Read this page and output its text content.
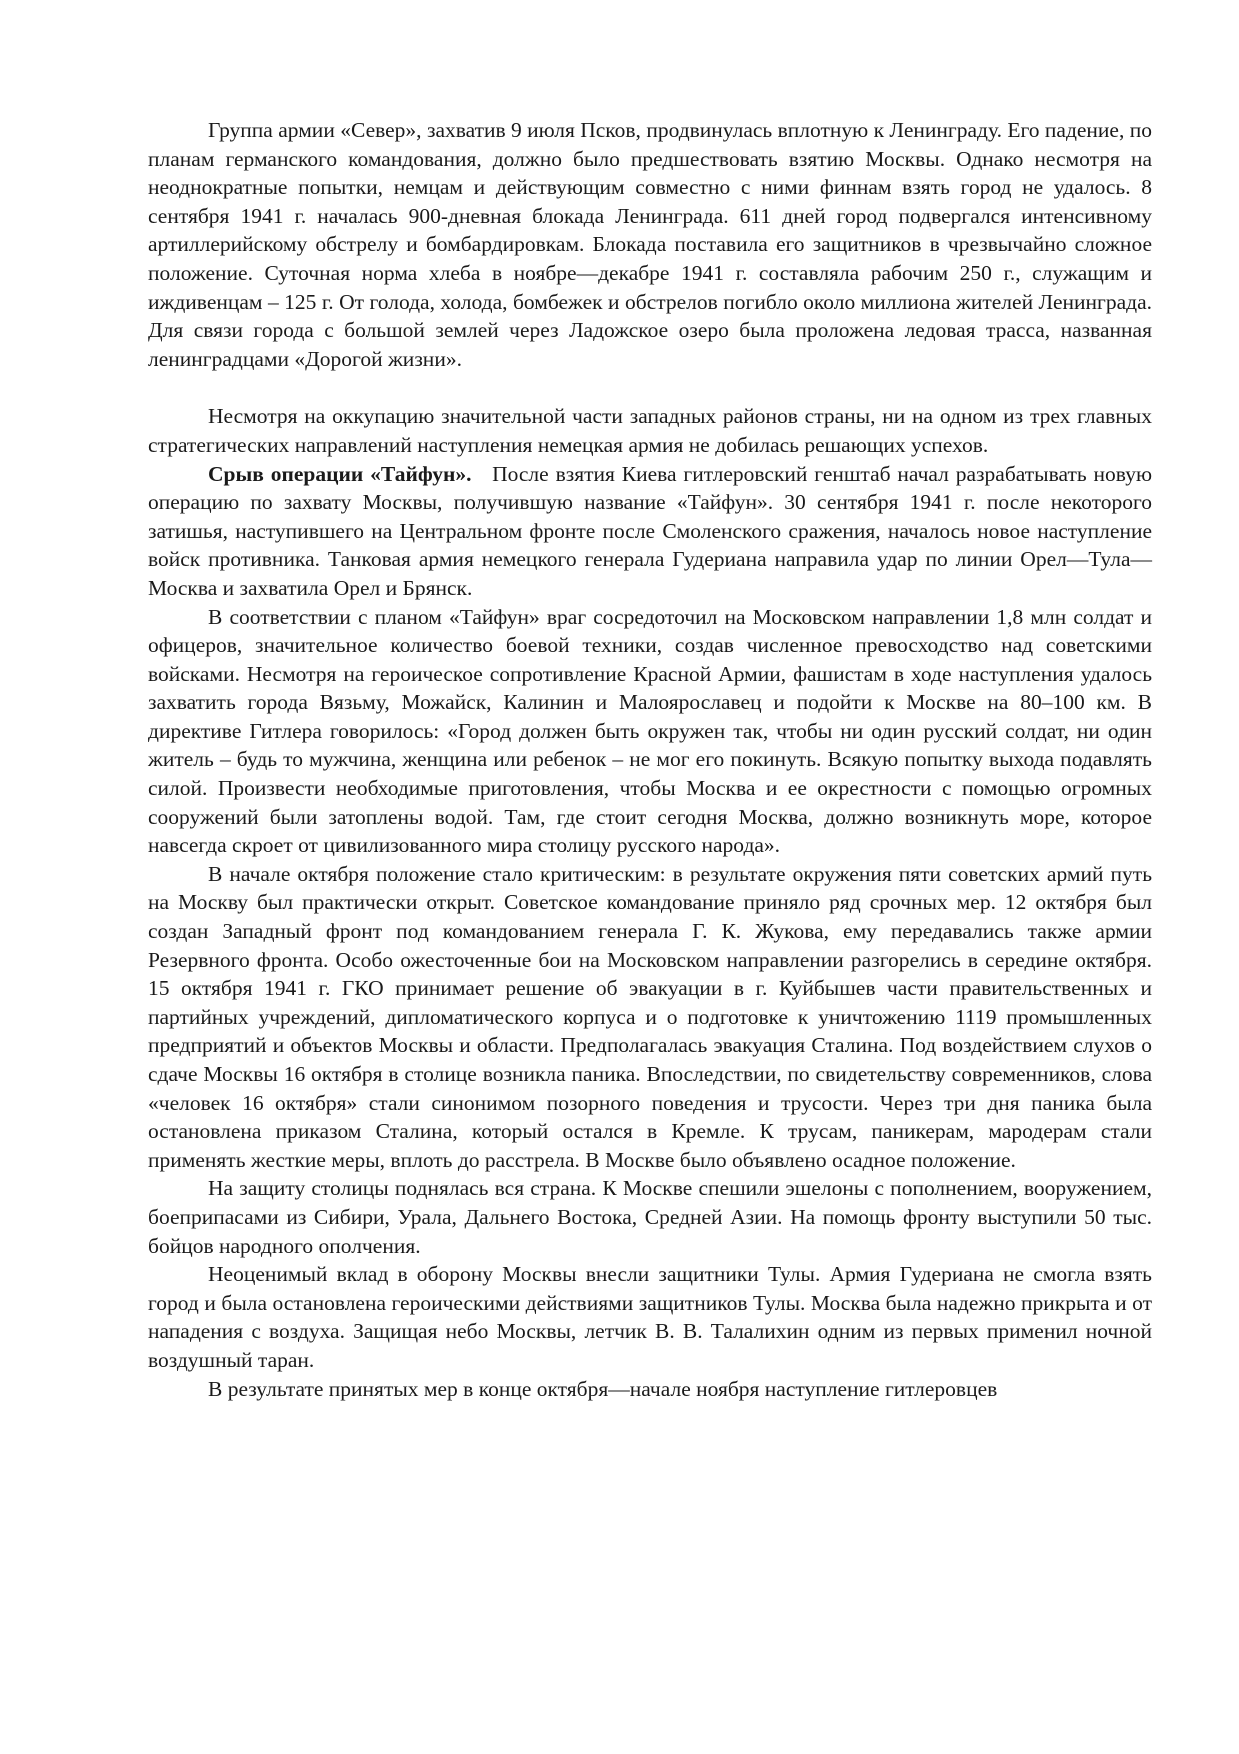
Группа армии «Север», захватив 9 июля Псков, продвинулась вплотную к Ленинграду. Его падение, по планам германского командования, должно было предшествовать взятию Москвы. Однако несмотря на неоднократные попытки, немцам и действующим совместно с ними финнам взять город не удалось. 8 сентября 1941 г. началась 900-дневная блокада Ленинграда. 611 дней город подвергался интенсивному артиллерийскому обстрелу и бомбардировкам. Блокада поставила его защитников в чрезвычайно сложное положение. Суточная норма хлеба в ноябре—декабре 1941 г. составляла рабочим 250 г., служащим и иждивенцам – 125 г. От голода, холода, бомбежек и обстрелов погибло около миллиона жителей Ленинграда. Для связи города с большой землей через Ладожское озеро была проложена ледовая трасса, названная ленинградцами «Дорогой жизни».

Несмотря на оккупацию значительной части западных районов страны, ни на одном из трех главных стратегических направлений наступления немецкая армия не добилась решающих успехов.

Срыв операции «Тайфун». После взятия Киева гитлеровский генштаб начал разрабатывать новую операцию по захвату Москвы, получившую название «Тайфун». 30 сентября 1941 г. после некоторого затишья, наступившего на Центральном фронте после Смоленского сражения, началось новое наступление войск противника. Танковая армия немецкого генерала Гудериана направила удар по линии Орел—Тула—Москва и захватила Орел и Брянск.

В соответствии с планом «Тайфун» враг сосредоточил на Московском направлении 1,8 млн солдат и офицеров, значительное количество боевой техники, создав численное превосходство над советскими войсками. Несмотря на героическое сопротивление Красной Армии, фашистам в ходе наступления удалось захватить города Вязьму, Можайск, Калинин и Малоярославец и подойти к Москве на 80–100 км. В директиве Гитлера говорилось: «Город должен быть окружен так, чтобы ни один русский солдат, ни один житель – будь то мужчина, женщина или ребенок – не мог его покинуть. Всякую попытку выхода подавлять силой. Произвести необходимые приготовления, чтобы Москва и ее окрестности с помощью огромных сооружений были затоплены водой. Там, где стоит сегодня Москва, должно возникнуть море, которое навсегда скроет от цивилизованного мира столицу русского народа».

В начале октября положение стало критическим: в результате окружения пяти советских армий путь на Москву был практически открыт. Советское командование приняло ряд срочных мер. 12 октября был создан Западный фронт под командованием генерала Г. К. Жукова, ему передавались также армии Резервного фронта. Особо ожесточенные бои на Московском направлении разгорелись в середине октября. 15 октября 1941 г. ГКО принимает решение об эвакуации в г. Куйбышев части правительственных и партийных учреждений, дипломатического корпуса и о подготовке к уничтожению 1119 промышленных предприятий и объектов Москвы и области. Предполагалась эвакуация Сталина. Под воздействием слухов о сдаче Москвы 16 октября в столице возникла паника. Впоследствии, по свидетельству современников, слова «человек 16 октября» стали синонимом позорного поведения и трусости. Через три дня паника была остановлена приказом Сталина, который остался в Кремле. К трусам, паникерам, мародерам стали применять жесткие меры, вплоть до расстрела. В Москве было объявлено осадное положение.

На защиту столицы поднялась вся страна. К Москве спешили эшелоны с пополнением, вооружением, боеприпасами из Сибири, Урала, Дальнего Востока, Средней Азии. На помощь фронту выступили 50 тыс. бойцов народного ополчения.

Неоценимый вклад в оборону Москвы внесли защитники Тулы. Армия Гудериана не смогла взять город и была остановлена героическими действиями защитников Тулы. Москва была надежно прикрыта и от нападения с воздуха. Защищая небо Москвы, летчик В. В. Талалихин одним из первых применил ночной воздушный таран.

В результате принятых мер в конце октября—начале ноября наступление гитлеровцев
